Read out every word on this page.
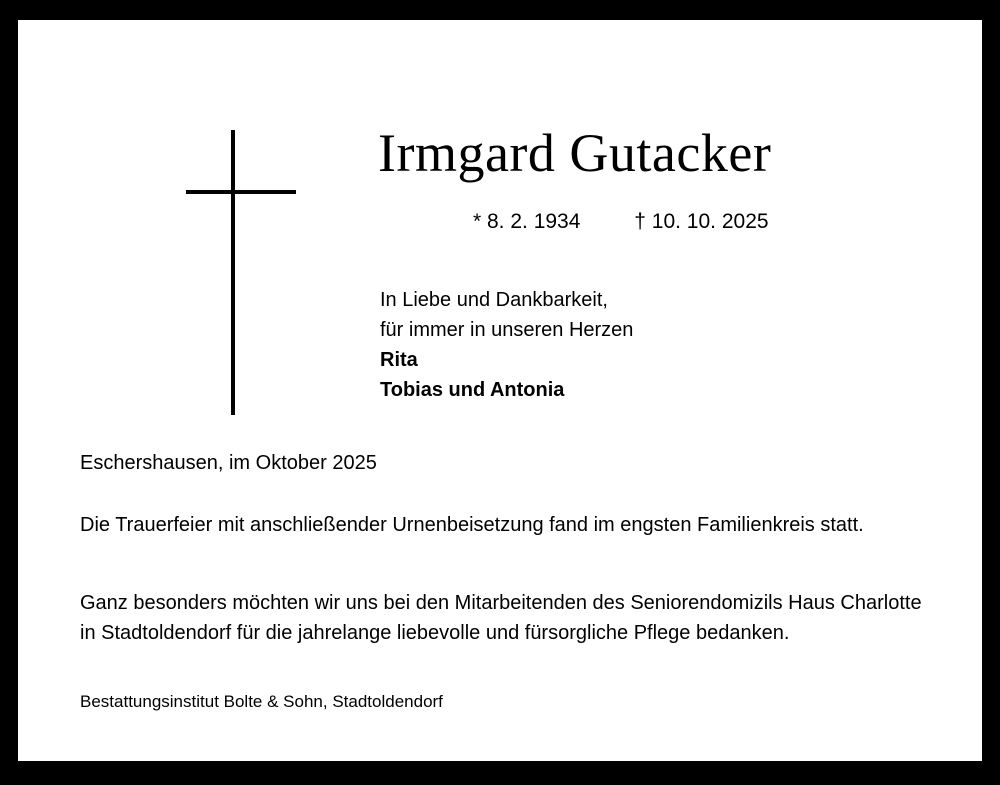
Irmgard Gutacker
* 8. 2. 1934	† 10. 10. 2025
In Liebe und Dankbarkeit,
für immer in unseren Herzen
Rita
Tobias und Antonia
Eschershausen, im Oktober 2025
Die Trauerfeier mit anschließender Urnenbeisetzung fand im engsten Familienkreis statt.
Ganz besonders möchten wir uns bei den Mitarbeitenden des Seniorendomizils Haus Charlotte in Stadtoldendorf für die jahrelange liebevolle und fürsorgliche Pflege bedanken.
Bestattungsinstitut Bolte & Sohn, Stadtoldendorf
